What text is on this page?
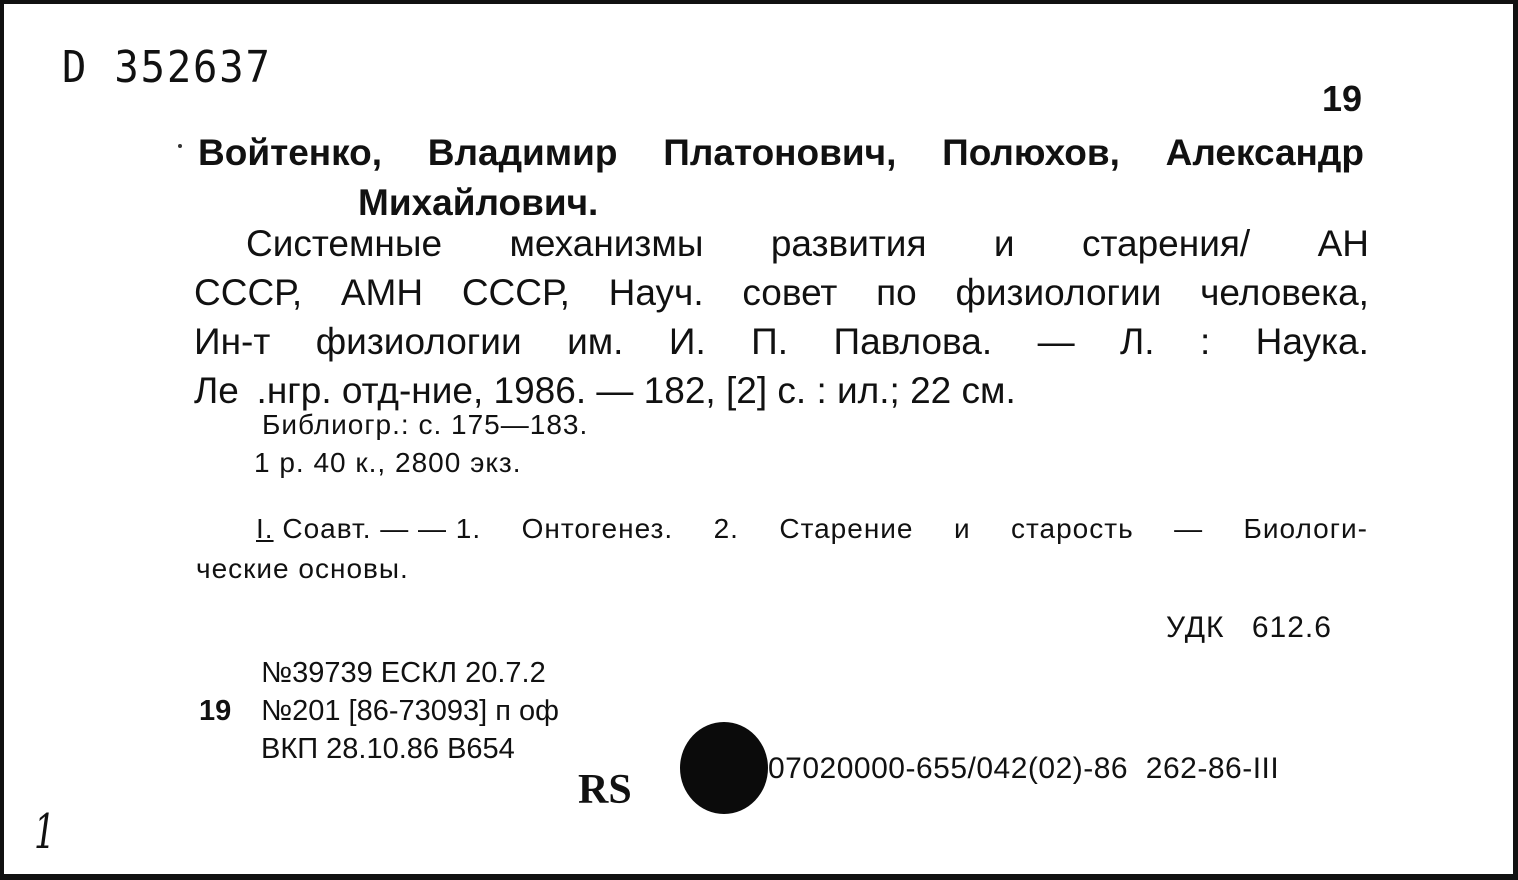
D 352637
19
Войтенко, Владимир Платонович, Полюхов, Александр
Михайлович.
Системные механизмы развития и старения/ АН
СССР, АМН СССР, Науч. совет по физиологии человека,
Ин-т физиологии им. И. П. Павлова. — Л. : Наука.
Ле  .нгр. отд-ние, 1986. — 182, [2] с. : ил.; 22 см.
Библиогр.: с. 175—183.
1 р. 40 к., 2800 экз.
I. Соавт. — — 1. Онтогенез. 2. Старение и старость — Биологи-
ческие основы.
УДК 612.6
№39739 ЕСКЛ 20.7.2
19	№201 [86-73093] п оф
ВКП 28.10.86 В654
RS	07020000-655/042(02)-86  262-86-III
1
